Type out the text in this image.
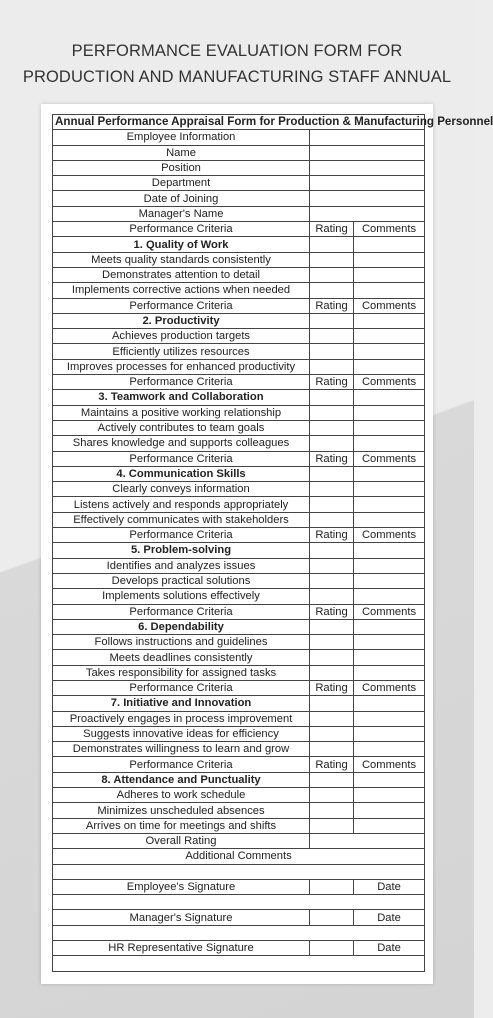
PERFORMANCE EVALUATION FORM FOR
PRODUCTION AND MANUFACTURING STAFF ANNUAL
Annual Performance Appraisal Form for Production & Manufacturing Personnel		
Employee Information		
Name		
Position		
Department		
Date of Joining		
Manager's Name		
Performance Criteria	Rating	Comments
1. Quality of Work		
Meets quality standards consistently		
Demonstrates attention to detail		
Implements corrective actions when needed		
Performance Criteria	Rating	Comments
2. Productivity		
Achieves production targets		
Efficiently utilizes resources		
Improves processes for enhanced productivity		
Performance Criteria	Rating	Comments
3. Teamwork and Collaboration		
Maintains a positive working relationship		
Actively contributes to team goals		
Shares knowledge and supports colleagues		
Performance Criteria	Rating	Comments
4. Communication Skills		
Clearly conveys information		
Listens actively and responds appropriately		
Effectively communicates with stakeholders		
Performance Criteria	Rating	Comments
5. Problem-solving		
Identifies and analyzes issues		
Develops practical solutions		
Implements solutions effectively		
Performance Criteria	Rating	Comments
6. Dependability		
Follows instructions and guidelines		
Meets deadlines consistently		
Takes responsibility for assigned tasks		
Performance Criteria	Rating	Comments
7. Initiative and Innovation		
Proactively engages in process improvement		
Suggests innovative ideas for efficiency		
Demonstrates willingness to learn and grow		
Performance Criteria	Rating	Comments
8. Attendance and Punctuality		
Adheres to work schedule		
Minimizes unscheduled absences		
Arrives on time for meetings and shifts		
Overall Rating		
Additional Comments		

Employee's Signature		Date

Manager's Signature		Date

HR Representative Signature		Date
